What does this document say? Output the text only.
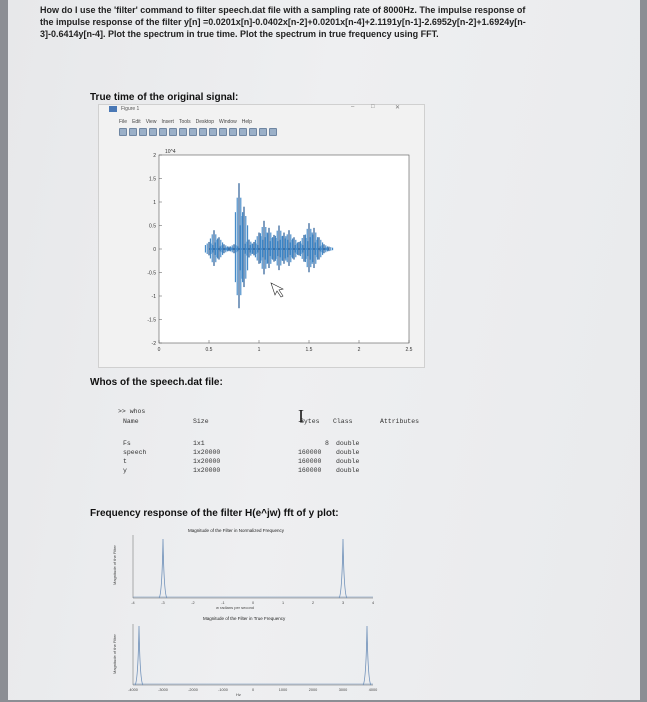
How do I use the 'filter' command to filter speech.dat file with a sampling rate of 8000Hz. The impulse response of the impulse response of the filter y[n] =0.0201x[n]-0.0402x[n-2]+0.0201x[n-4]+2.1191y[n-1]-2.6952y[n-2]+1.6924y[n-3]-0.6414y[n-4]. Plot the spectrum in true time. Plot the spectrum in true frequency using FFT.
True time of the original signal:
Figure 1	–	□	✕
File Edit View Insert Tools Desktop Window Help
10^4
2
1.5
1
0.5
0
-0.5
-1
-1.5
-2
0	0.5	1	1.5	2	2.5
Whos of the speech.dat file:
>> whos
Name	Size	Bytes Class	Attributes
Fs	1x1	8 double
speech	1x20000	160000 double
t	1x20000	160000 double
y	1x20000	160000 double
I
Frequency response of the filter H(e^jw) fft of y plot:
Magnitude of the Filter in Normalized Frequency
Magnitude of the Filter
-4	-3	-2	-1	0	1	2	3	4
w radians per second
Magnitude of the Filter in True Frequency
Magnitude of the Filter
-4000	-3000	-2000	-1000	0	1000	2000	3000	4000
Hz
